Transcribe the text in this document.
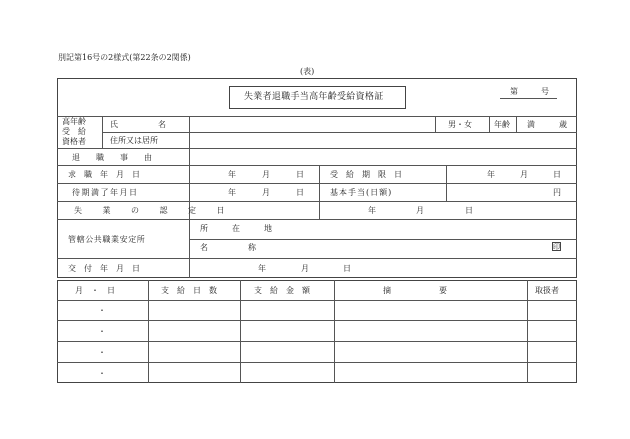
別記第16号の2様式(第22条の2関係)
(表)
失業者退職手当高年齢受給資格証
第	号
高年齢
受　給
資格者
氏　　　　　名	男・女	年齢 満　　　歳
住所又は居所
退　　職　　事　　由
求　職　年　月　日	年	月	日	受　給　期　限　日	年	月	日
待期満了年月日	年	月	日	基本手当(日額)	円
失　　業　　の　　認　　定　　日	年	月	日
管轄公共職業安定所
所　　　在　　　地
名　　　　　称	印
交　付　年　月　日	年	月	日
月　・　日	支　給　日　数	支　給　金　額	摘　　　　　　要	取扱者
・
・
・
・
